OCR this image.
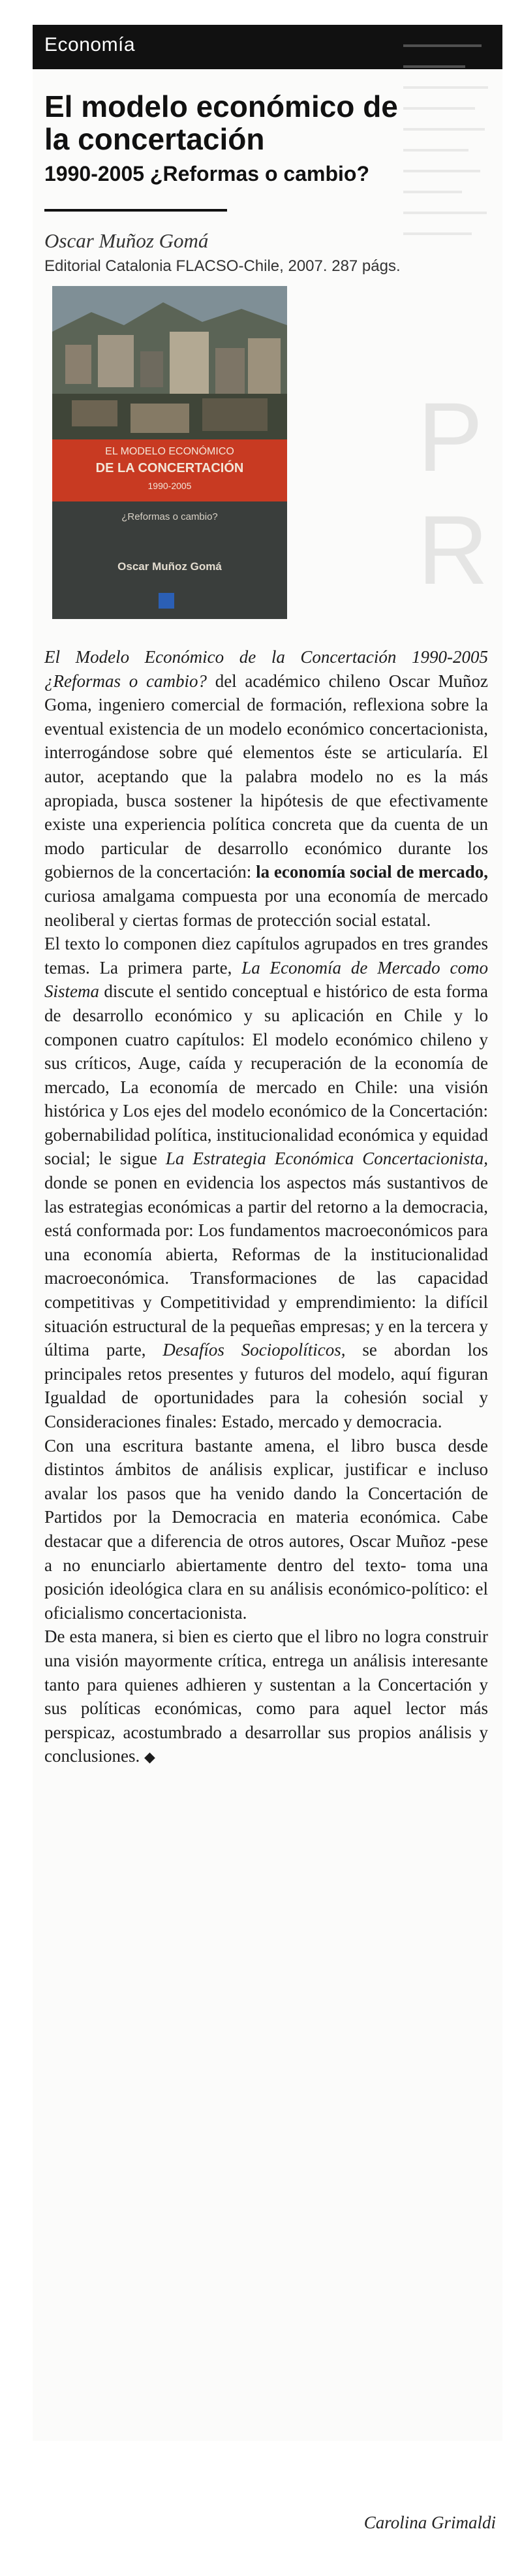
Economía
P R
El modelo económico de la concertación
1990-2005 ¿Reformas o cambio?
Oscar Muñoz Gomá
Editorial Catalonia FLACSO-Chile, 2007. 287 págs.
EL MODELO ECONÓMICO
DE LA CONCERTACIÓN
1990-2005
¿Reformas o cambio?
Oscar Muñoz Gomá

El Modelo Económico de la Concertación 1990-2005 ¿Reformas o cambio? del académico chileno Oscar Muñoz Goma, ingeniero comercial de formación, reflexiona sobre la eventual existencia de un modelo económico concertacionista, interrogándose sobre qué elementos éste se articularía. El autor, aceptando que la palabra modelo no es la más apropiada, busca sostener la hipótesis de que efectivamente existe una experiencia política concreta que da cuenta de un modo particular de desarrollo económico durante los gobiernos de la concertación: la economía social de mercado, curiosa amalgama compuesta por una economía de mercado neoliberal y ciertas formas de protección social estatal.

El texto lo componen diez capítulos agrupados en tres grandes temas. La primera parte, La Economía de Mercado como Sistema discute el sentido conceptual e histórico de esta forma de desarrollo económico y su aplicación en Chile y lo componen cuatro capítulos: El modelo económico chileno y sus críticos, Auge, caída y recuperación de la economía de mercado, La economía de mercado en Chile: una visión histórica y Los ejes del modelo económico de la Concertación: gobernabilidad política, institucionalidad económica y equidad social; le sigue La Estrategia Económica Concertacionista, donde se ponen en evidencia los aspectos más sustantivos de las estrategias económicas a partir del retorno a la democracia, está conformada por: Los fundamentos macroeconómicos para una economía abierta, Reformas de la institucionalidad macroeconómica. Transformaciones de las capacidad competitivas y Competitividad y emprendimiento: la difícil situación estructural de la pequeñas empresas; y en la tercera y última parte, Desafíos Sociopolíticos, se abordan los principales retos presentes y futuros del modelo, aquí figuran Igualdad de oportunidades para la cohesión social y Consideraciones finales: Estado, mercado y democracia.

Con una escritura bastante amena, el libro busca desde distintos ámbitos de análisis explicar, justificar e incluso avalar los pasos que ha venido dando la Concertación de Partidos por la Democracia en materia económica. Cabe destacar que a diferencia de otros autores, Oscar Muñoz -pese a no enunciarlo abiertamente dentro del texto- toma una posición ideológica clara en su análisis económico-político: el oficialismo concertacionista.

De esta manera, si bien es cierto que el libro no logra construir una visión mayormente crítica, entrega un análisis interesante tanto para quienes adhieren y sustentan a la Concertación y sus políticas económicas, como para aquel lector más perspicaz, acostumbrado a desarrollar sus propios análisis y conclusiones. ◆

Carolina Grimaldi
